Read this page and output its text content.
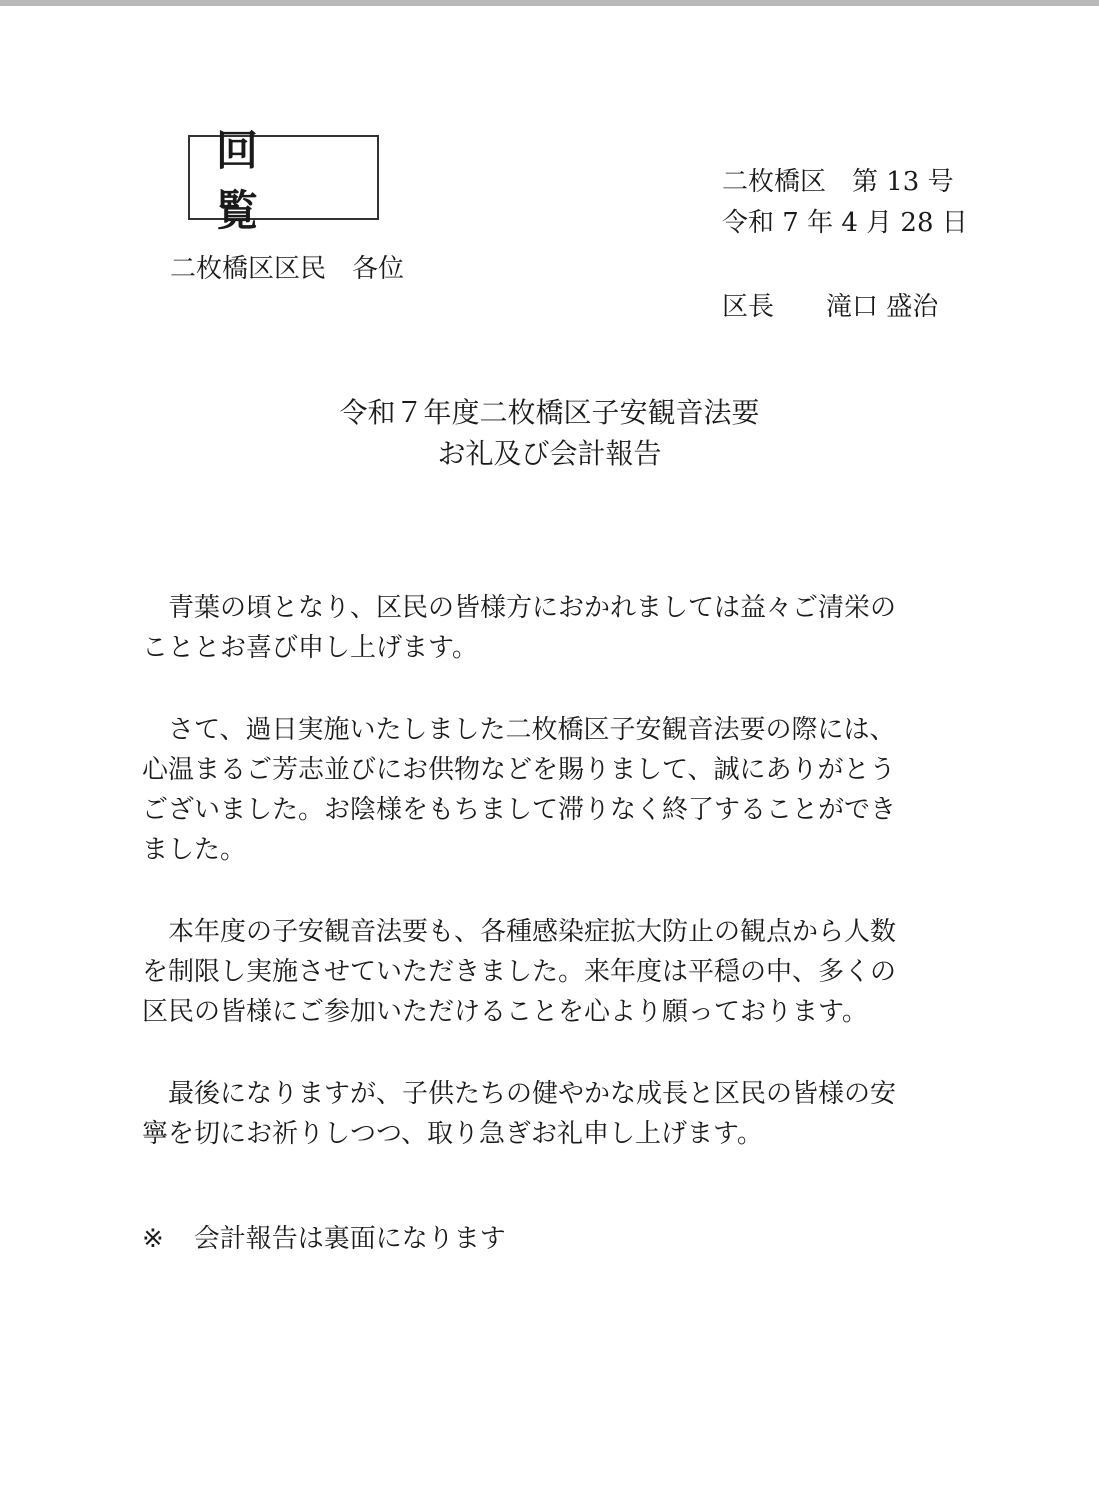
回　覧
二枚橋区区民　各位
二枚橋区　第 13 号
令和 7 年 4 月 28 日
区長　　滝口 盛治
令和７年度二枚橋区子安観音法要
お礼及び会計報告

　青葉の頃となり、区民の皆様方におかれましては益々ご清栄の
こととお喜び申し上げます。

　さて、過日実施いたしました二枚橋区子安観音法要の際には、
心温まるご芳志並びにお供物などを賜りまして、誠にありがとう
ございました。お陰様をもちまして滞りなく終了することができ
ました。

　本年度の子安観音法要も、各種感染症拡大防止の観点から人数
を制限し実施させていただきました。来年度は平穏の中、多くの
区民の皆様にご参加いただけることを心より願っております。

　最後になりますが、子供たちの健やかな成長と区民の皆様の安
寧を切にお祈りしつつ、取り急ぎお礼申し上げます。

※ 会計報告は裏面になります
